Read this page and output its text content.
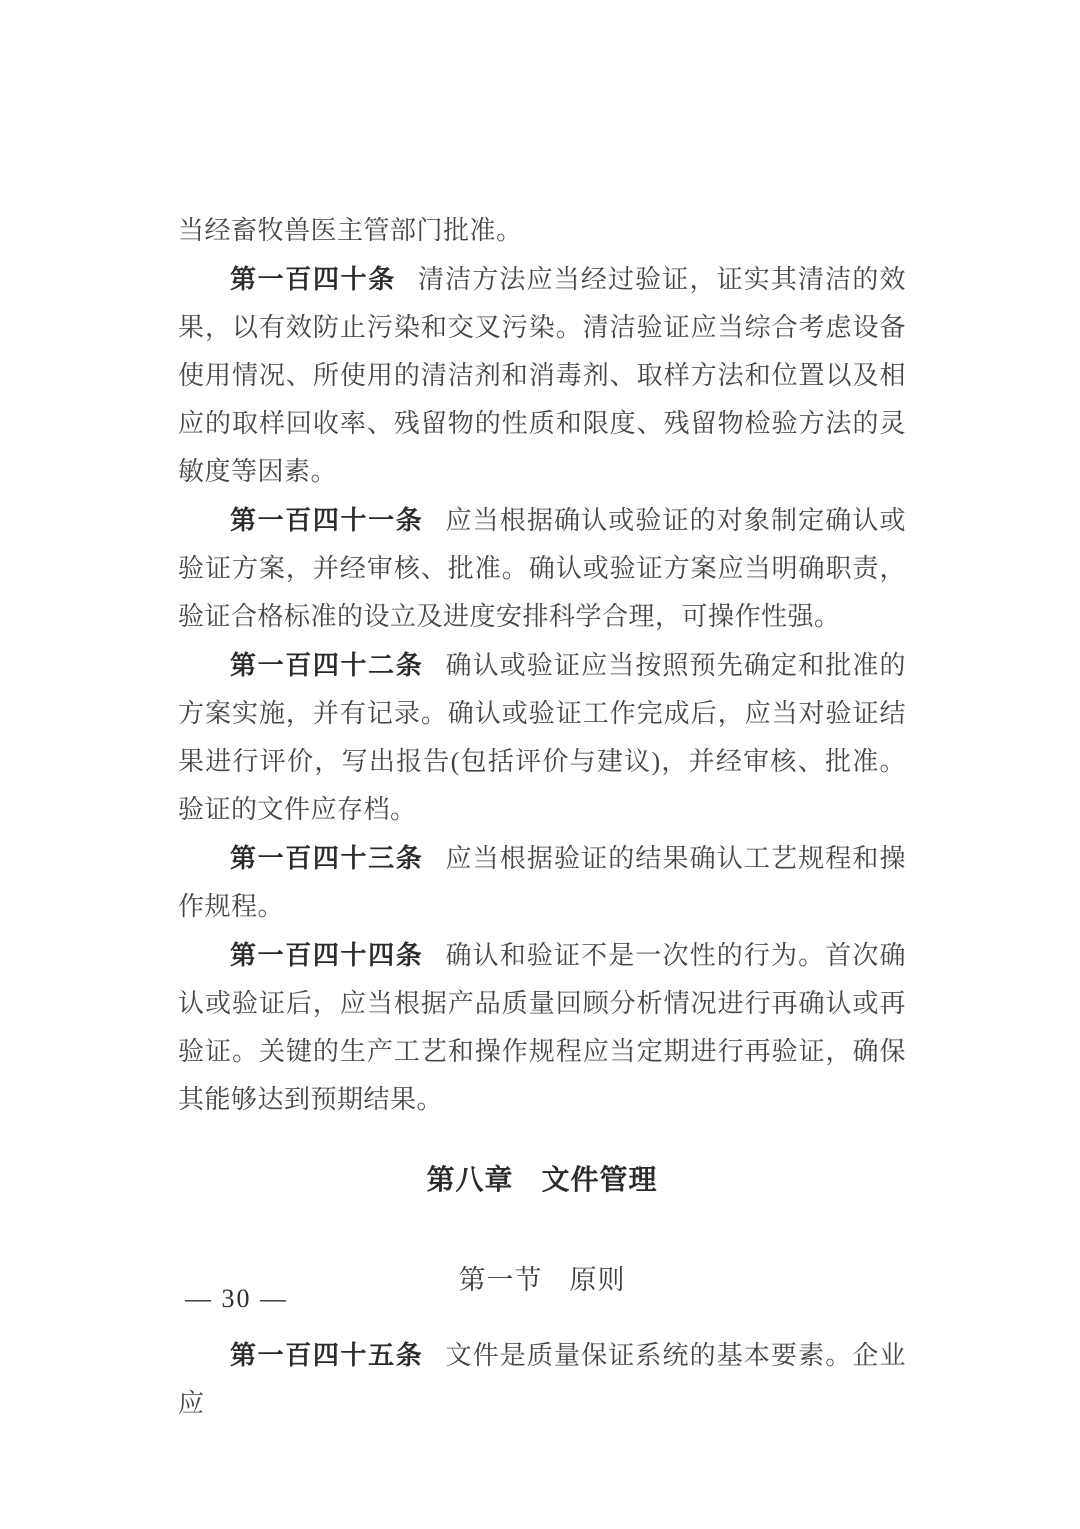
当经畜牧兽医主管部门批准。

第一百四十条 清洁方法应当经过验证，证实其清洁的效果，以有效防止污染和交叉污染。清洁验证应当综合考虑设备使用情况、所使用的清洁剂和消毒剂、取样方法和位置以及相应的取样回收率、残留物的性质和限度、残留物检验方法的灵敏度等因素。

第一百四十一条 应当根据确认或验证的对象制定确认或验证方案，并经审核、批准。确认或验证方案应当明确职责，验证合格标准的设立及进度安排科学合理，可操作性强。

第一百四十二条 确认或验证应当按照预先确定和批准的方案实施，并有记录。确认或验证工作完成后，应当对验证结果进行评价，写出报告(包括评价与建议)，并经审核、批准。验证的文件应存档。

第一百四十三条 应当根据验证的结果确认工艺规程和操作规程。

第一百四十四条 确认和验证不是一次性的行为。首次确认或验证后，应当根据产品质量回顾分析情况进行再确认或再验证。关键的生产工艺和操作规程应当定期进行再验证，确保其能够达到预期结果。

第八章 文件管理
第一节 原则

第一百四十五条 文件是质量保证系统的基本要素。企业应

— 30 —
